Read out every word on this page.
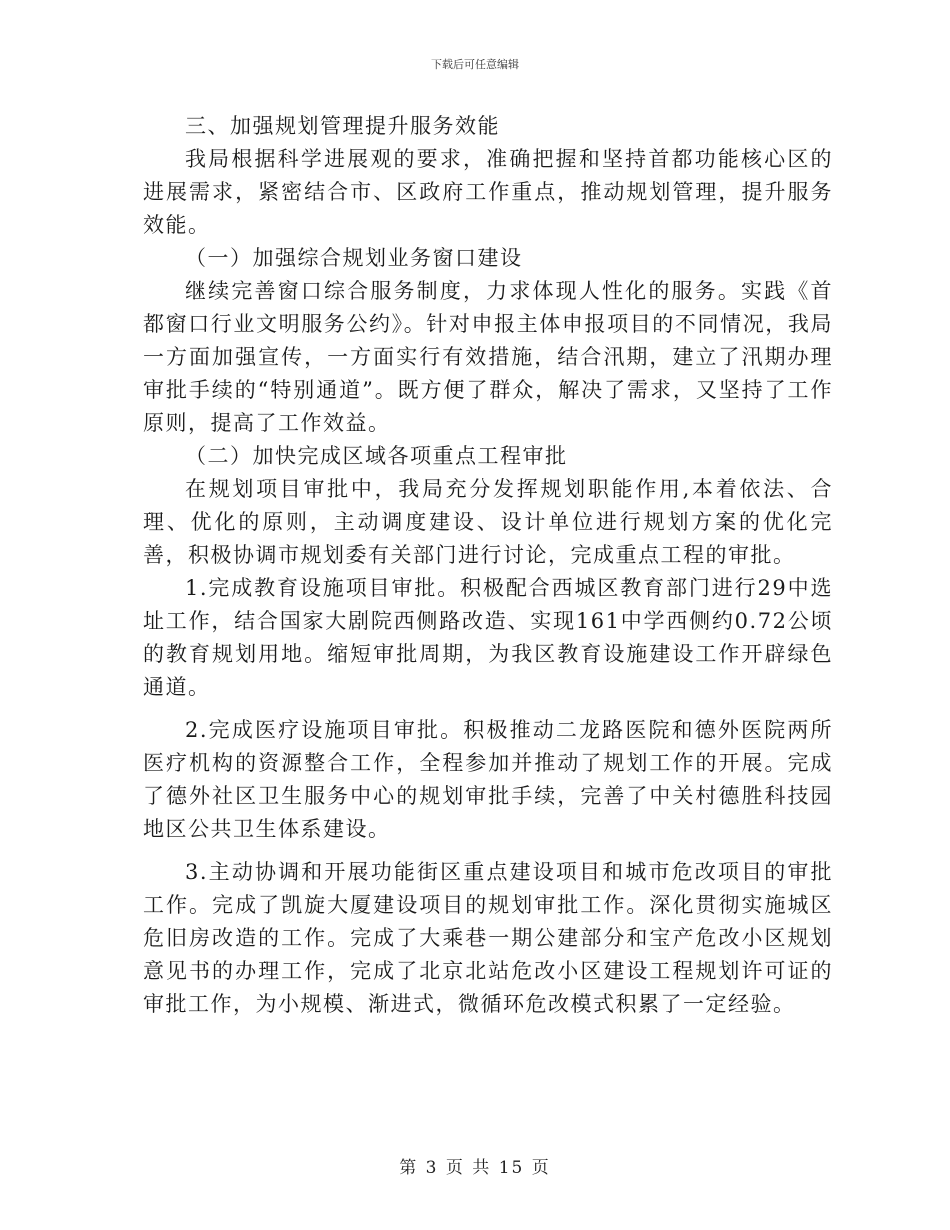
下载后可任意编辑

三、加强规划管理提升服务效能

我局根据科学进展观的要求，准确把握和坚持首都功能核心区的进展需求，紧密结合市、区政府工作重点，推动规划管理，提升服务效能。

（一）加强综合规划业务窗口建设

继续完善窗口综合服务制度，力求体现人性化的服务。实践《首都窗口行业文明服务公约》。针对申报主体申报项目的不同情况，我局一方面加强宣传，一方面实行有效措施，结合汛期，建立了汛期办理审批手续的“特别通道”。既方便了群众，解决了需求，又坚持了工作原则，提高了工作效益。

（二）加快完成区域各项重点工程审批

在规划项目审批中，我局充分发挥规划职能作用,本着依法、合理、优化的原则，主动调度建设、设计单位进行规划方案的优化完善，积极协调市规划委有关部门进行讨论，完成重点工程的审批。

1.完成教育设施项目审批。积极配合西城区教育部门进行29中选址工作，结合国家大剧院西侧路改造、实现161中学西侧约0.72公顷的教育规划用地。缩短审批周期，为我区教育设施建设工作开辟绿色通道。

2.完成医疗设施项目审批。积极推动二龙路医院和德外医院两所医疗机构的资源整合工作，全程参加并推动了规划工作的开展。完成了德外社区卫生服务中心的规划审批手续，完善了中关村德胜科技园地区公共卫生体系建设。

3.主动协调和开展功能街区重点建设项目和城市危改项目的审批工作。完成了凯旋大厦建设项目的规划审批工作。深化贯彻实施城区危旧房改造的工作。完成了大乘巷一期公建部分和宝产危改小区规划意见书的办理工作，完成了北京北站危改小区建设工程规划许可证的审批工作，为小规模、渐进式，微循环危改模式积累了一定经验。

第 3 页 共 15 页
